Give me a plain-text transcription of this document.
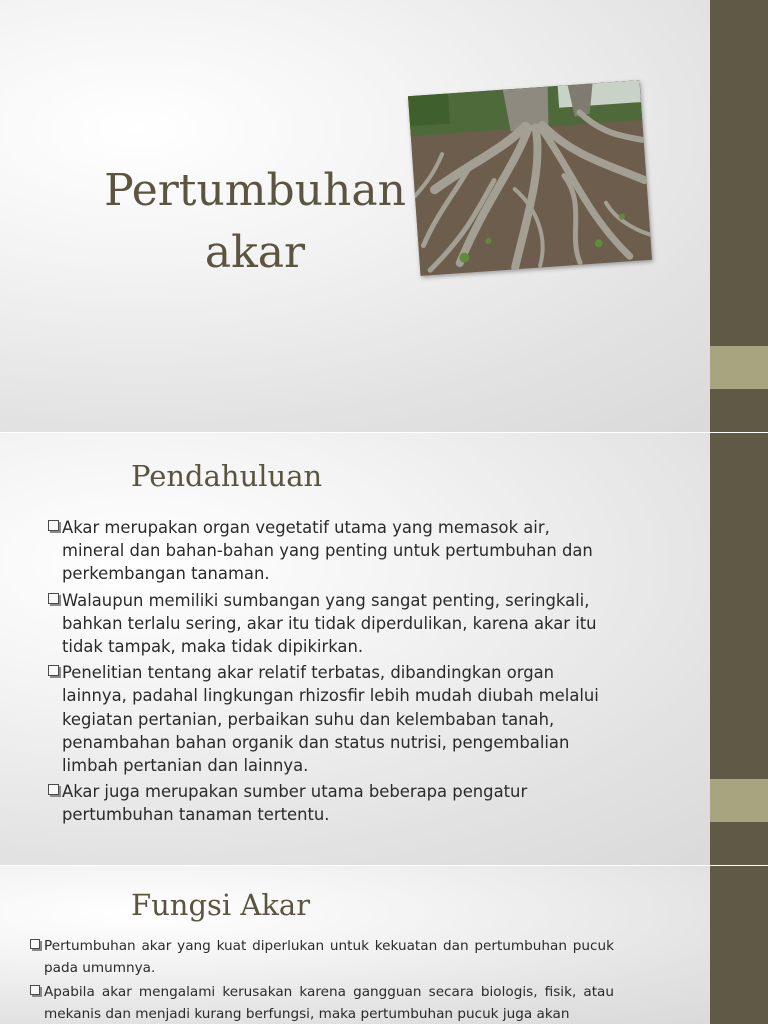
Pertumbuhan akar
Pendahuluan
Akar merupakan organ vegetatif utama yang memasok air, mineral dan bahan-bahan yang penting untuk pertumbuhan dan perkembangan tanaman.
Walaupun memiliki sumbangan yang sangat penting, seringkali, bahkan terlalu sering, akar itu tidak diperdulikan, karena akar itu tidak tampak, maka tidak dipikirkan.
Penelitian tentang akar relatif terbatas, dibandingkan organ lainnya, padahal lingkungan rhizosfir lebih mudah diubah melalui kegiatan pertanian, perbaikan suhu dan kelembaban tanah, penambahan bahan organik dan status nutrisi, pengembalian limbah pertanian dan lainnya.
Akar juga merupakan sumber utama beberapa pengatur pertumbuhan tanaman tertentu.
Fungsi Akar
Pertumbuhan akar yang kuat diperlukan untuk kekuatan dan pertumbuhan pucuk pada umumnya.
Apabila akar mengalami kerusakan karena gangguan secara biologis, fisik, atau mekanis dan menjadi kurang berfungsi, maka pertumbuhan pucuk juga akan
